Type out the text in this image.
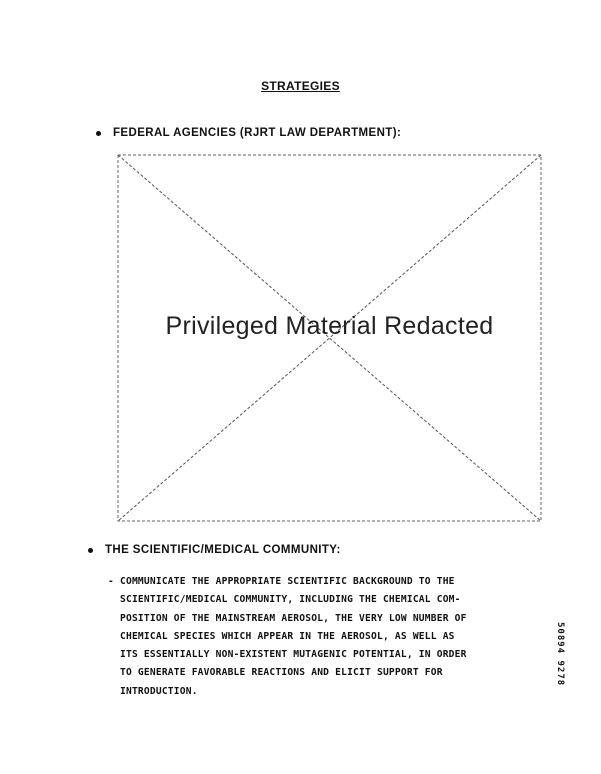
STRATEGIES
FEDERAL AGENCIES (RJRT LAW DEPARTMENT):
Privileged Material Redacted
THE SCIENTIFIC/MEDICAL COMMUNITY:
- COMMUNICATE THE APPROPRIATE SCIENTIFIC BACKGROUND TO THE
SCIENTIFIC/MEDICAL COMMUNITY, INCLUDING THE CHEMICAL COM-
POSITION OF THE MAINSTREAM AEROSOL, THE VERY LOW NUMBER OF
CHEMICAL SPECIES WHICH APPEAR IN THE AEROSOL, AS WELL AS
ITS ESSENTIALLY NON-EXISTENT MUTAGENIC POTENTIAL, IN ORDER
TO GENERATE FAVORABLE REACTIONS AND ELICIT SUPPORT FOR
INTRODUCTION.
50894 9278
